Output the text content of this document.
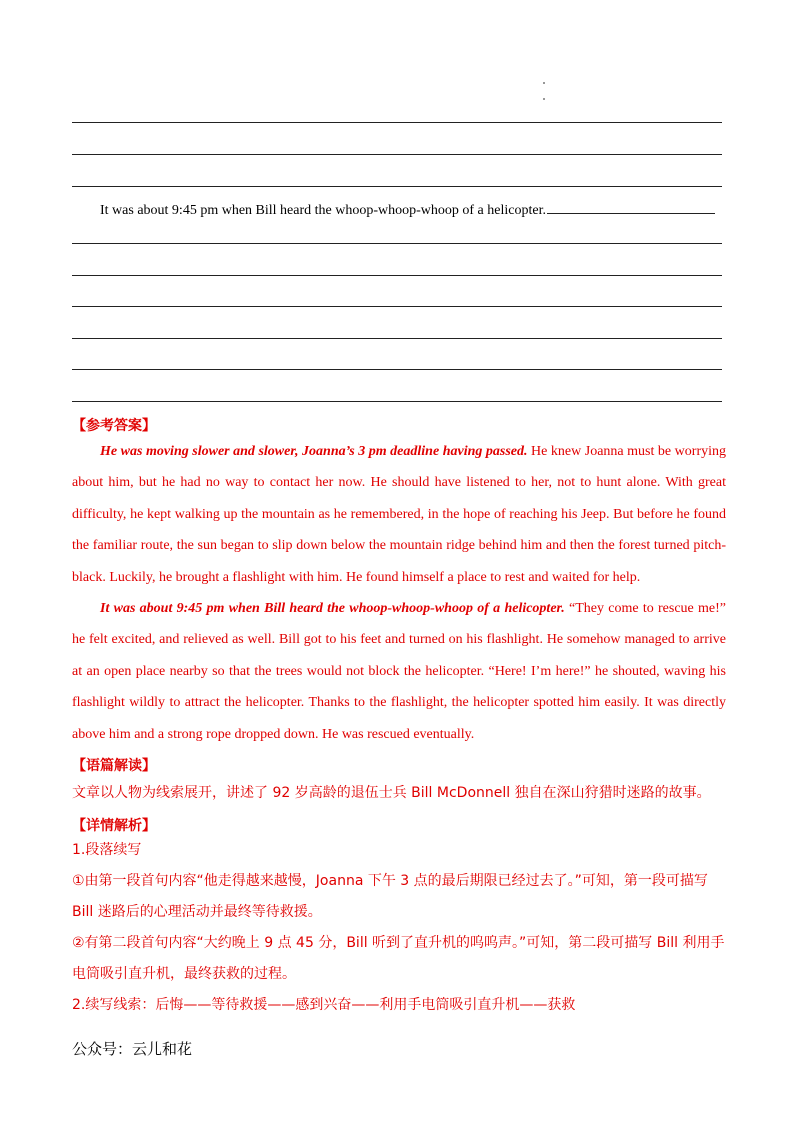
It was about 9:45 pm when Bill heard the whoop-whoop-whoop of a helicopter.
【参考答案】

He was moving slower and slower, Joanna’s 3 pm deadline having passed. He knew Joanna must be worrying about him, but he had no way to contact her now. He should have listened to her, not to hunt alone. With great difficulty, he kept walking up the mountain as he remembered, in the hope of reaching his Jeep. But before he found the familiar route, the sun began to slip down below the mountain ridge behind him and then the forest turned pitch-black. Luckily, he brought a flashlight with him. He found himself a place to rest and waited for help.

It was about 9:45 pm when Bill heard the whoop-whoop-whoop of a helicopter. “They come to rescue me!” he felt excited, and relieved as well. Bill got to his feet and turned on his flashlight. He somehow managed to arrive at an open place nearby so that the trees would not block the helicopter. “Here! I’m here!” he shouted, waving his flashlight wildly to attract the helicopter. Thanks to the flashlight, the helicopter spotted him easily. It was directly above him and a strong rope dropped down. He was rescued eventually.

【语篇解读】

文章以人物为线索展开，讲述了 92 岁高龄的退伍士兵 Bill McDonnell 独自在深山狩猎时迷路的故事。

【详情解析】

1.段落续写

①由第一段首句内容“他走得越来越慢，Joanna 下午 3 点的最后期限已经过去了。”可知，第一段可描写 Bill 迷路后的心理活动并最终等待救援。

②有第二段首句内容“大约晚上 9 点 45 分，Bill 听到了直升机的呜呜声。”可知，第二段可描写 Bill 利用手电筒吸引直升机，最终获救的过程。

2.续写线索：后悔——等待救援——感到兴奋——利用手电筒吸引直升机——获救

公众号：云儿和花
